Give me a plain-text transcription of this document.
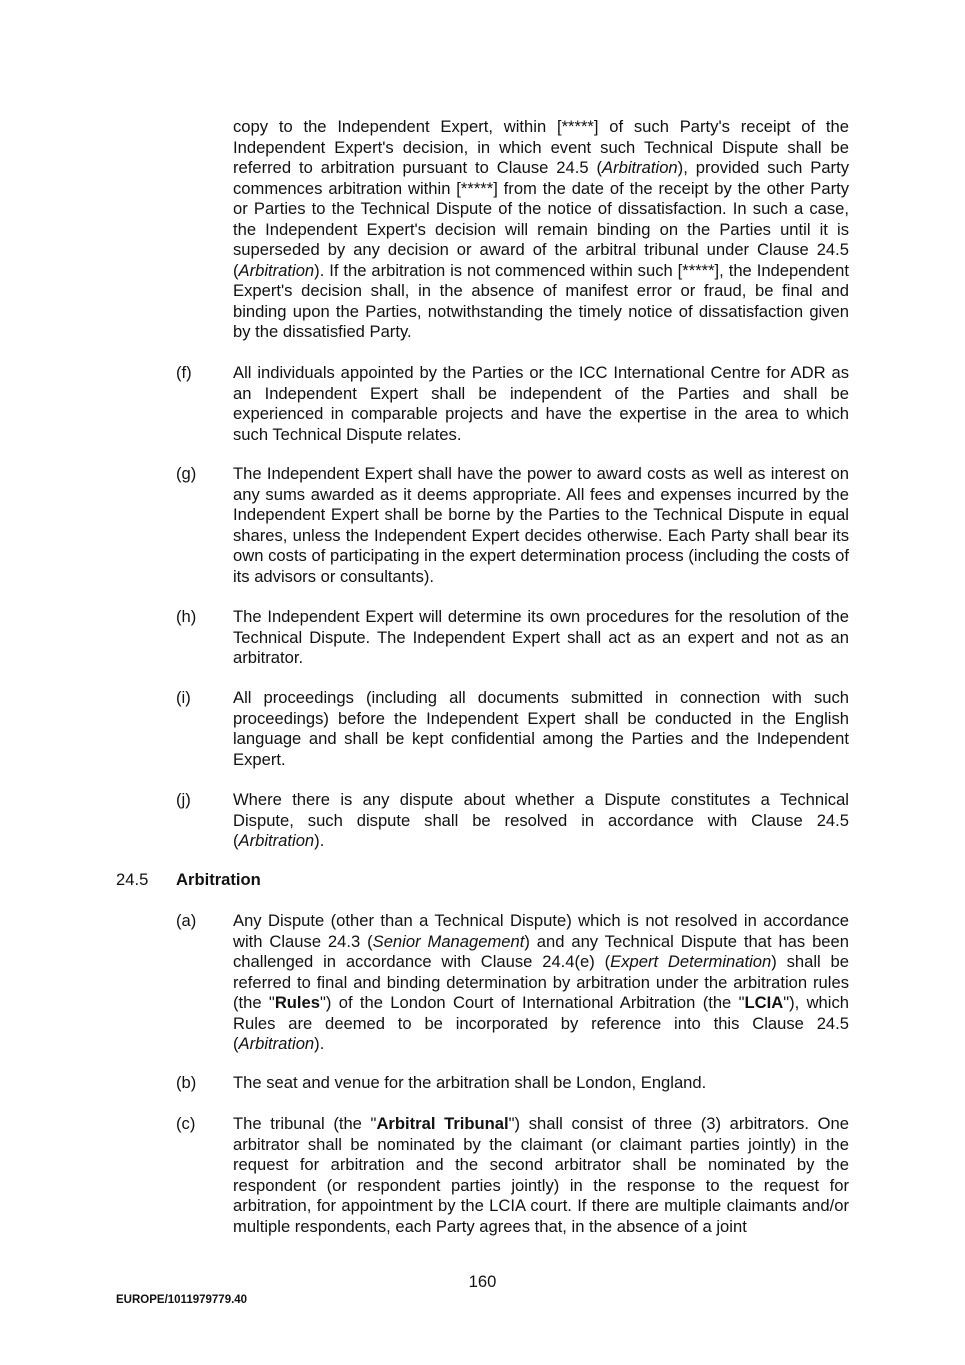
copy to the Independent Expert, within [*****] of such Party's receipt of the Independent Expert's decision, in which event such Technical Dispute shall be referred to arbitration pursuant to Clause 24.5 (Arbitration), provided such Party commences arbitration within [*****] from the date of the receipt by the other Party or Parties to the Technical Dispute of the notice of dissatisfaction. In such a case, the Independent Expert's decision will remain binding on the Parties until it is superseded by any decision or award of the arbitral tribunal under Clause 24.5 (Arbitration). If the arbitration is not commenced within such [*****], the Independent Expert's decision shall, in the absence of manifest error or fraud, be final and binding upon the Parties, notwithstanding the timely notice of dissatisfaction given by the dissatisfied Party.

(f) All individuals appointed by the Parties or the ICC International Centre for ADR as an Independent Expert shall be independent of the Parties and shall be experienced in comparable projects and have the expertise in the area to which such Technical Dispute relates.

(g) The Independent Expert shall have the power to award costs as well as interest on any sums awarded as it deems appropriate. All fees and expenses incurred by the Independent Expert shall be borne by the Parties to the Technical Dispute in equal shares, unless the Independent Expert decides otherwise. Each Party shall bear its own costs of participating in the expert determination process (including the costs of its advisors or consultants).

(h) The Independent Expert will determine its own procedures for the resolution of the Technical Dispute. The Independent Expert shall act as an expert and not as an arbitrator.

(i)	All proceedings (including all documents submitted in connection with such proceedings) before the Independent Expert shall be conducted in the English language and shall be kept confidential among the Parties and the Independent Expert.

(j)	Where there is any dispute about whether a Dispute constitutes a Technical Dispute, such dispute shall be resolved in accordance with Clause 24.5 (Arbitration).

24.5 Arbitration
(a) Any Dispute (other than a Technical Dispute) which is not resolved in accordance with Clause 24.3 (Senior Management) and any Technical Dispute that has been challenged in accordance with Clause 24.4(e) (Expert Determination) shall be referred to final and binding determination by arbitration under the arbitration rules (the "Rules") of the London Court of International Arbitration (the "LCIA"), which Rules are deemed to be incorporated by reference into this Clause 24.5 (Arbitration).

(b) The seat and venue for the arbitration shall be London, England.

(c) The tribunal (the "Arbitral Tribunal") shall consist of three (3) arbitrators. One arbitrator shall be nominated by the claimant (or claimant parties jointly) in the request for arbitration and the second arbitrator shall be nominated by the respondent (or respondent parties jointly) in the response to the request for arbitration, for appointment by the LCIA court. If there are multiple claimants and/or multiple respondents, each Party agrees that, in the absence of a joint

160
EUROPE/1011979779.40
